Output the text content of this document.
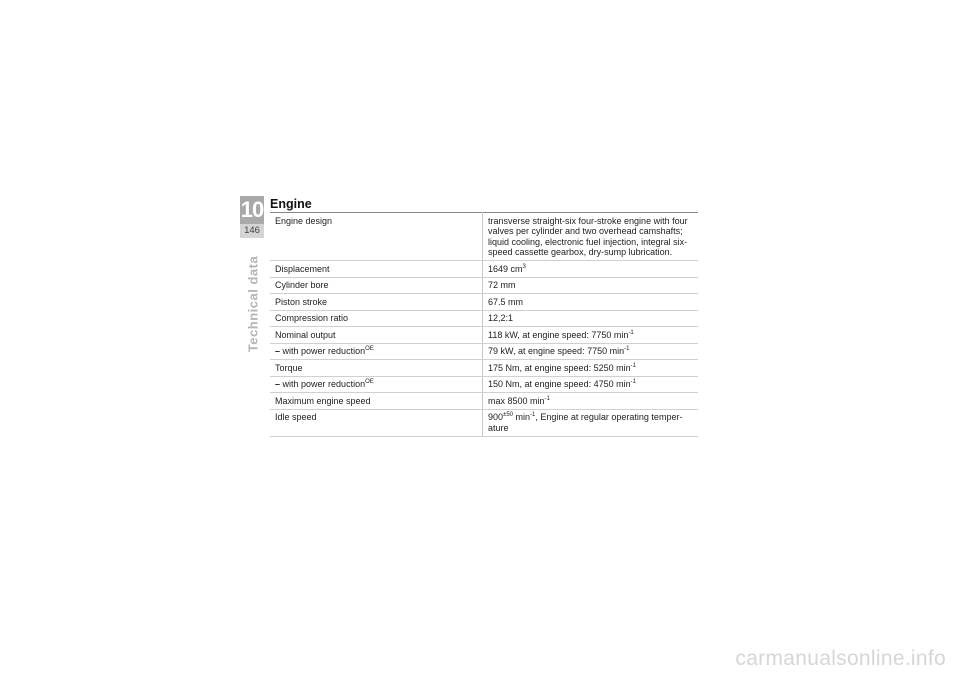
10
146
Technical data
Engine
Engine design	transverse straight-six four-stroke engine with four valves per cylinder and two overhead camshafts; liquid cooling, electronic fuel injection, integral six-speed cassette gearbox, dry-sump lubrication.
Displacement	1649 $cm^3$
Cylinder bore	72 mm
Piston stroke	67.5 mm
Compression ratio	12,2:1
Nominal output	118 kW, at engine speed: 7750 $\min^{-1}$
– with power reduction$^{OE}$	79 kW, at engine speed: 7750 $\min^{-1}$
Torque	175 Nm, at engine speed: 5250 $\min^{-1}$
– with power reduction$^{OE}$	150 Nm, at engine speed: 4750 $\min^{-1}$
Maximum engine speed	max 8500 $\min^{-1}$
Idle speed	$900^{\pm 50}$ $\min^{-1}$, Engine at regular operating temper-ature
carmanualsonline.info
